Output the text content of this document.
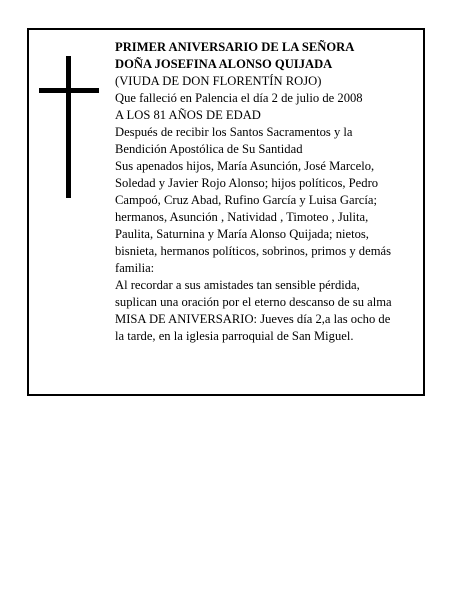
PRIMER ANIVERSARIO DE LA SEÑORA

DOÑA JOSEFINA ALONSO QUIJADA

(VIUDA DE DON FLORENTÍN ROJO)

Que falleció en Palencia el día 2 de julio de 2008

A LOS 81 AÑOS DE EDAD

Después de recibir los Santos Sacramentos y la

Bendición Apostólica de Su Santidad

Sus apenados hijos, María Asunción, José Marcelo,

Soledad y Javier Rojo Alonso; hijos políticos, Pedro

Campoó, Cruz Abad, Rufino García y Luisa García;

hermanos, Asunción , Natividad , Timoteo , Julita,

Paulita, Saturnina y María Alonso Quijada; nietos,

bisnieta, hermanos políticos, sobrinos, primos y demás

familia:

Al recordar a sus amistades tan sensible pérdida,

suplican una oración por el eterno descanso de su alma

MISA DE ANIVERSARIO: Jueves día 2,a las ocho de

la tarde, en la iglesia parroquial de San Miguel.
